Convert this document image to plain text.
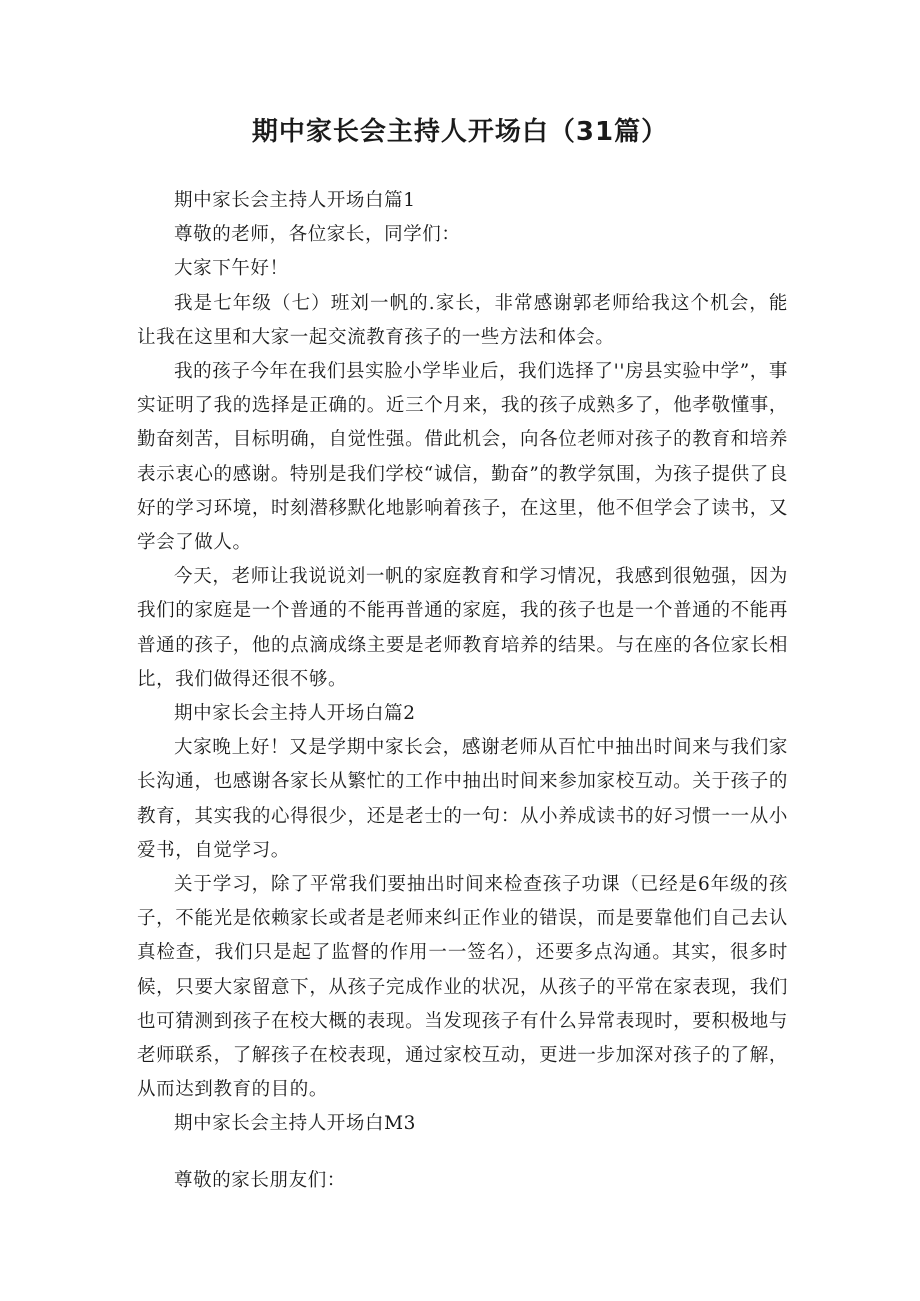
期中家长会主持人开场白（31篇）

期中家长会主持人开场白篇1

尊敬的老师，各位家长，同学们：

大家下午好！

我是七年级（七）班刘一帆的.家长，非常感谢郭老师给我这个机会，能让我在这里和大家一起交流教育孩子的一些方法和体会。

我的孩子今年在我们县实脸小学毕业后，我们选择了''房县实验中学”，事实证明了我的选择是正确的。近三个月来，我的孩子成熟多了，他孝敬懂事，勤奋刻苦，目标明确，自觉性强。借此机会，向各位老师对孩子的教育和培养表示衷心的感谢。特别是我们学校“诚信，勤奋”的教学氛围，为孩子提供了良好的学习环境，时刻潜移默化地影响着孩子，在这里，他不但学会了读书，又学会了做人。

今天，老师让我说说刘一帆的家庭教育和学习情况，我感到很勉强，因为我们的家庭是一个普通的不能再普通的家庭，我的孩子也是一个普通的不能再普通的孩子，他的点滴成绦主要是老师教育培养的结果。与在座的各位家长相比，我们做得还很不够。

期中家长会主持人开场白篇2

大家晚上好！又是学期中家长会，感谢老师从百忙中抽出时间来与我们家长沟通，也感谢各家长从繁忙的工作中抽出时间来参加家校互动。关于孩子的教育，其实我的心得很少，还是老士的一句：从小养成读书的好习惯一一从小爱书，自觉学习。

关于学习，除了平常我们要抽出时间来检查孩子功课（已经是6年级的孩子，不能光是依赖家长或者是老师来纠正作业的错误，而是要靠他们自己去认真检查，我们只是起了监督的作用一一签名），还要多点沟通。其实，很多时候，只要大家留意下，从孩子完成作业的状况，从孩子的平常在家表现，我们也可猜测到孩子在校大概的表现。当发现孩子有什么异常表现时，要积极地与老师联系，了解孩子在校表现，通过家校互动，更进一步加深对孩子的了解，从而达到教育的目的。

期中家长会主持人开场白M3

尊敬的家长朋友们：
